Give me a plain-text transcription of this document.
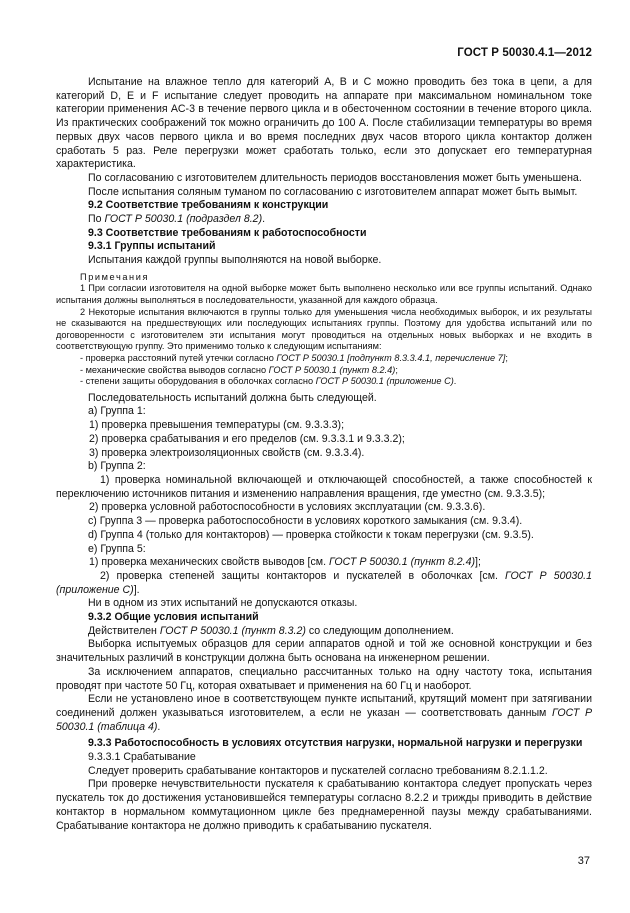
ГОСТ Р 50030.4.1—2012

Испытание на влажное тепло для категорий A, B и C можно проводить без тока в цепи, а для категорий D, E и F испытание следует проводить на аппарате при максимальном номинальном токе категории применения AC-3 в течение первого цикла и в обесточенном состоянии в течение второго цикла. Из практических соображений ток можно ограничить до 100 А. После стабилизации температуры во время первых двух часов первого цикла и во время последних двух часов второго цикла контактор должен сработать 5 раз. Реле перегрузки может сработать только, если это допускает его температурная характеристика.

По согласованию с изготовителем длительность периодов восстановления может быть уменьшена.

После испытания соляным туманом по согласованию с изготовителем аппарат может быть вымыт.

9.2 Соответствие требованиям к конструкции

По ГОСТ Р 50030.1 (подраздел 8.2).

9.3 Соответствие требованиям к работоспособности

9.3.1 Группы испытаний

Испытания каждой группы выполняются на новой выборке.

Примечания

1 При согласии изготовителя на одной выборке может быть выполнено несколько или все группы испытаний. Однако испытания должны выполняться в последовательности, указанной для каждого образца.

2 Некоторые испытания включаются в группы только для уменьшения числа необходимых выборок, и их результаты не сказываются на предшествующих или последующих испытаниях группы. Поэтому для удобства испытаний или по договоренности с изготовителем эти испытания могут проводиться на отдельных новых выборках и не входить в соответствующую группу. Это применимо только к следующим испытаниям:

- проверка расстояний путей утечки согласно ГОСТ Р 50030.1 [подпункт 8.3.3.4.1, перечисление 7];

- механические свойства выводов согласно ГОСТ Р 50030.1 (пункт 8.2.4);

- степени защиты оборудования в оболочках согласно ГОСТ Р 50030.1 (приложение С).

Последовательность испытаний должна быть следующей.

а) Группа 1:

1) проверка превышения температуры (см. 9.3.3.3);

2) проверка срабатывания и его пределов (см. 9.3.3.1 и 9.3.3.2);

3) проверка электроизоляционных свойств (см. 9.3.3.4).

b) Группа 2:

1) проверка номинальной включающей и отключающей способностей, а также способностей к переключению источников питания и изменению направления вращения, где уместно (см. 9.3.3.5);

2) проверка условной работоспособности в условиях эксплуатации (см. 9.3.3.6).

c) Группа 3 — проверка работоспособности в условиях короткого замыкания (см. 9.3.4).

d) Группа 4 (только для контакторов) — проверка стойкости к токам перегрузки (см. 9.3.5).

е) Группа 5:

1) проверка механических свойств выводов [см. ГОСТ Р 50030.1 (пункт 8.2.4)];

2) проверка степеней защиты контакторов и пускателей в оболочках [см. ГОСТ Р 50030.1 (приложение С)].

Ни в одном из этих испытаний не допускаются отказы.

9.3.2 Общие условия испытаний

Действителен ГОСТ Р 50030.1 (пункт 8.3.2) со следующим дополнением.

Выборка испытуемых образцов для серии аппаратов одной и той же основной конструкции и без значительных различий в конструкции должна быть основана на инженерном решении.

За исключением аппаратов, специально рассчитанных только на одну частоту тока, испытания проводят при частоте 50 Гц, которая охватывает и применения на 60 Гц и наоборот.

Если не установлено иное в соответствующем пункте испытаний, крутящий момент при затягивании соединений должен указываться изготовителем, а если не указан — соответствовать данным ГОСТ Р 50030.1 (таблица 4).

9.3.3 Работоспособность в условиях отсутствия нагрузки, нормальной нагрузки и перегрузки

9.3.3.1 Срабатывание

Следует проверить срабатывание контакторов и пускателей согласно требованиям 8.2.1.1.2.

При проверке нечувствительности пускателя к срабатыванию контактора следует пропускать через пускатель ток до достижения установившейся температуры согласно 8.2.2 и трижды приводить в действие контактор в нормальном коммутационном цикле без преднамеренной паузы между срабатываниями. Срабатывание контактора не должно приводить к срабатыванию пускателя.

37
